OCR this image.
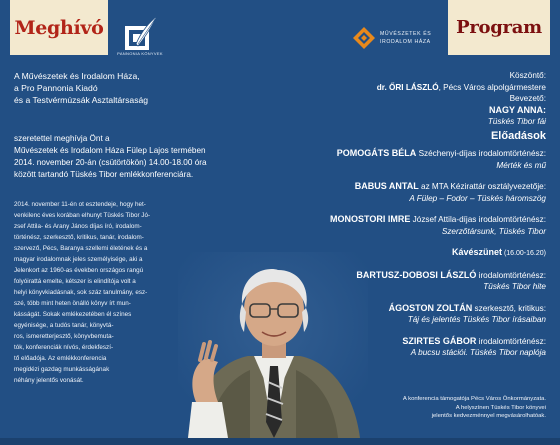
Meghívó
PANNONIA KÖNYVEK
MŰVÉSZETEK ÉS
IRODALOM HÁZA
Program
A Művészetek és Irodalom Háza,
a Pro Pannonia Kiadó
és a Testvérmúzsák Asztaltársaság
szeretettel meghívja Önt a
Művészetek és Irodalom Háza Fülep Lajos termében
2014. november 20-án (csütörtökön) 14.00-18.00 óra
között tartandó Tüskés Tibor emlékkonferenciára.
2014. november 11-én ot esztendeje, hogy het-
venkilenc éves korában elhunyt Tüskés Tibor Jó-
zsef Attila- és Arany János díjas író, irodalom-
történész, szerkesztő, kritikus, tanár, irodalom-
szervező, Pécs, Baranya szellemi életének és a
magyar irodalomnak jeles személyisége, aki a
Jelenkort az 1960-as években országos rangú
folyóirattá emelte, kétszer is elindítója volt a
helyi könyvkiadásnak, sok száz tanulmány, esz-
szé, több mint heten önálló könyv írt mun-
kásságát. Sokak emlékezetében él színes
egyénisége, a tudós tanár, könyvtá-
ros, ismeretterjesztő, könyvbemuta-
tók, konferenciák nívós, érdekfeszí-
tő előadója. Az emlékkonferencia
megidézi gazdag munkásságának
néhány jelentős vonását.
Köszöntő:
dr. ŐRI LÁSZLÓ, Pécs Város alpolgármestere
Bevezető:
NAGY ANNA:
Tüskés Tibor fái
Előadások
POMOGÁTS BÉLA Széchenyi-díjas irodalomtörténész:
Mérték és mű
BABUS ANTAL az MTA Kézirattár osztályvezetője:
A Fülep – Fodor – Tüskés háromszög
MONOSTORI IMRE József Attila-díjas irodalomtörténész:
Szerzőtársunk, Tüskés Tibor
Kávészünet (16.00-16.20)
BARTUSZ-DOBOSI LÁSZLÓ irodalomtörténész:
Tüskés Tibor hite
ÁGOSTON ZOLTÁN szerkesztő, kritikus:
Táj és jelentés Tüskés Tibor írásaiban
SZIRTES GÁBOR irodalomtörténész:
A bucsu stációi. Tüskés Tibor naplója
A konferencia támogatója Pécs Város Önkormányzata.
A helyszínen Tüskés Tibor könyvei
jelentős kedvezménnyel megvásárolhatóak.
